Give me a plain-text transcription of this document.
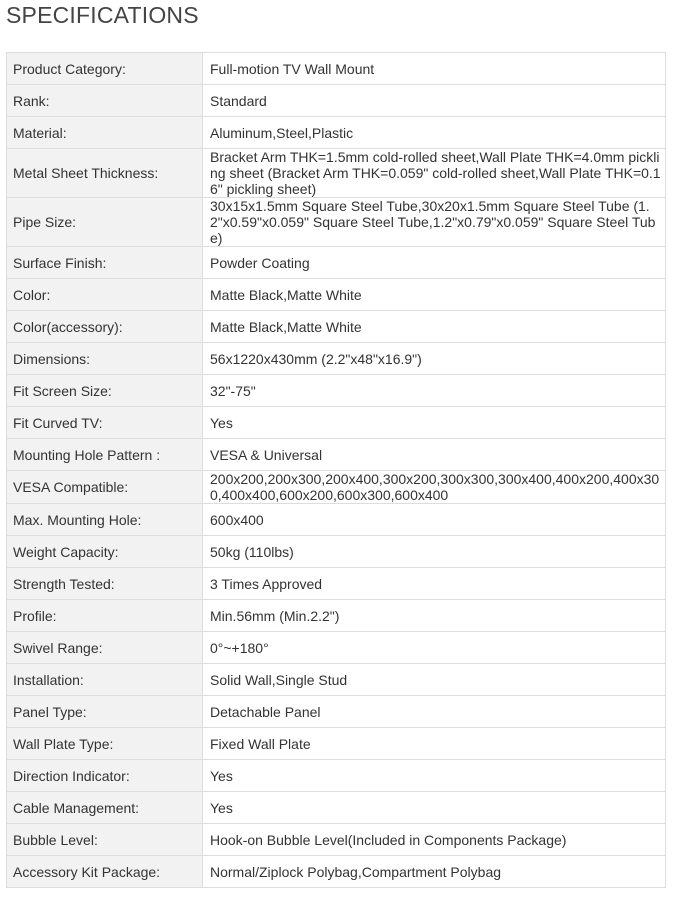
SPECIFICATIONS
Product Category:	Full-motion TV Wall Mount
Rank:	Standard
Material:	Aluminum,Steel,Plastic
Metal Sheet Thickness:	Bracket Arm THK=1.5mm cold-rolled sheet,Wall Plate THK=4.0mm pickling sheet (Bracket Arm THK=0.059" cold-rolled sheet,Wall Plate THK=0.16" pickling sheet)
Pipe Size:	30x15x1.5mm Square Steel Tube,30x20x1.5mm Square Steel Tube (1.2"x0.59"x0.059" Square Steel Tube,1.2"x0.79"x0.059" Square Steel Tube)
Surface Finish:	Powder Coating
Color:	Matte Black,Matte White
Color(accessory):	Matte Black,Matte White
Dimensions:	56x1220x430mm (2.2"x48"x16.9")
Fit Screen Size:	32"-75"
Fit Curved TV:	Yes
Mounting Hole Pattern :	VESA & Universal
VESA Compatible:	200x200,200x300,200x400,300x200,300x300,300x400,400x200,400x300,400x400,600x200,600x300,600x400
Max. Mounting Hole:	600x400
Weight Capacity:	50kg (110lbs)
Strength Tested:	3 Times Approved
Profile:	Min.56mm (Min.2.2")
Swivel Range:	0°~+180°
Installation:	Solid Wall,Single Stud
Panel Type:	Detachable Panel
Wall Plate Type:	Fixed Wall Plate
Direction Indicator:	Yes
Cable Management:	Yes
Bubble Level:	Hook-on Bubble Level(Included in Components Package)
Accessory Kit Package:	Normal/Ziplock Polybag,Compartment Polybag
